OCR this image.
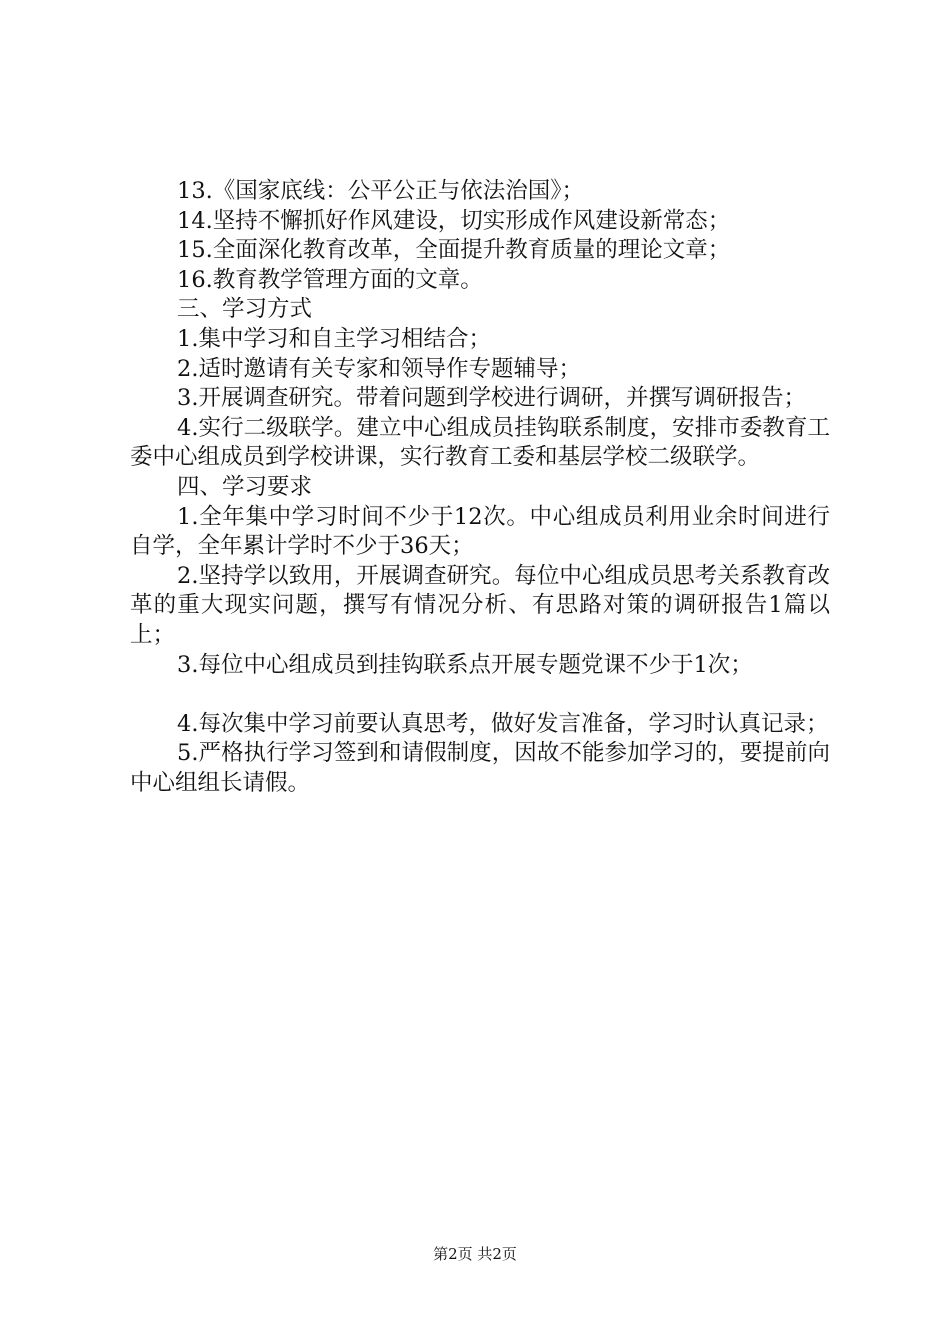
13.《国家底线：公平公正与依法治国》；

14.坚持不懈抓好作风建设，切实形成作风建设新常态；

15.全面深化教育改革，全面提升教育质量的理论文章；

16.教育教学管理方面的文章。

三、学习方式

1.集中学习和自主学习相结合；

2.适时邀请有关专家和领导作专题辅导；

3.开展调查研究。带着问题到学校进行调研，并撰写调研报告；

4.实行二级联学。建立中心组成员挂钩联系制度，安排市委教育工委中心组成员到学校讲课，实行教育工委和基层学校二级联学。

四、学习要求

1.全年集中学习时间不少于12次。中心组成员利用业余时间进行自学，全年累计学时不少于36天；

2.坚持学以致用，开展调查研究。每位中心组成员思考关系教育改革的重大现实问题，撰写有情况分析、有思路对策的调研报告1篇以上；

3.每位中心组成员到挂钩联系点开展专题党课不少于1次；

4.每次集中学习前要认真思考，做好发言准备，学习时认真记录；

5.严格执行学习签到和请假制度，因故不能参加学习的，要提前向中心组组长请假。

第2页 共2页
